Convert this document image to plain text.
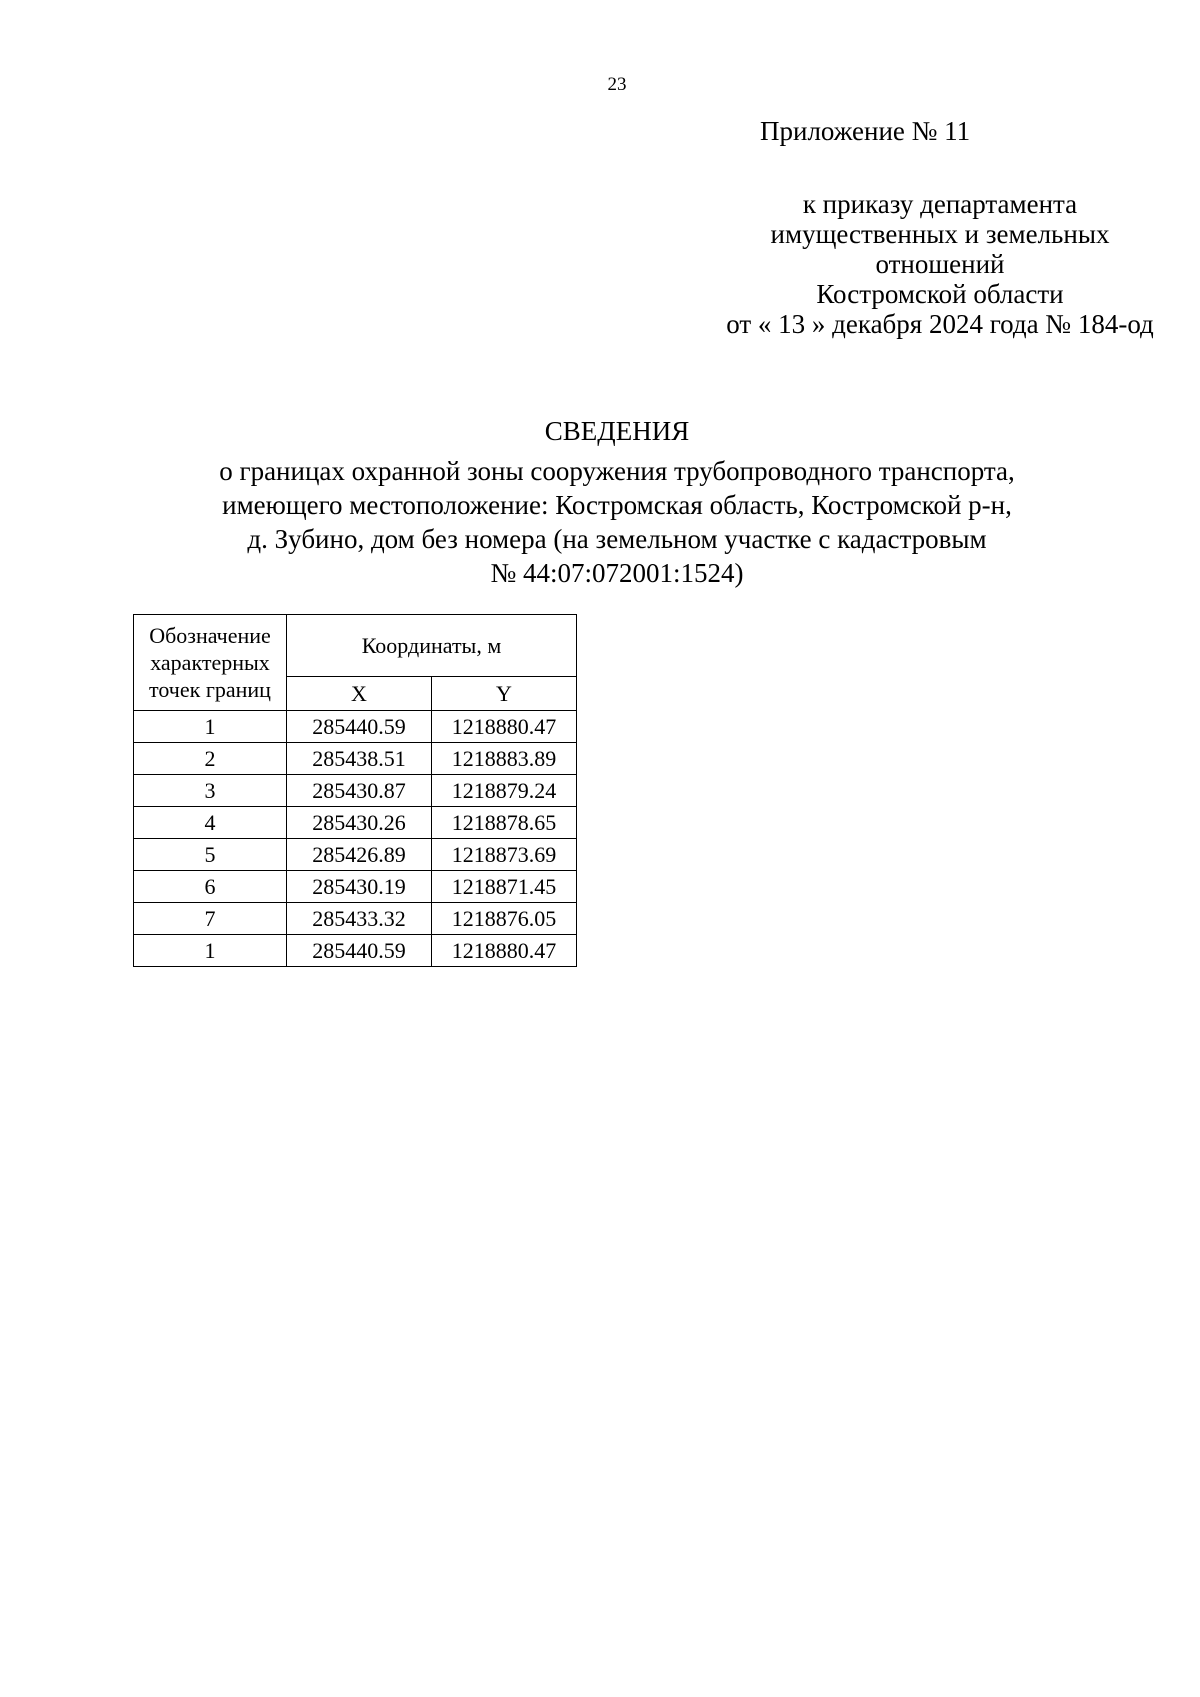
23
Приложение № 11
к приказу департамента
имущественных и земельных
отношений
Костромской области
от « 13 » декабря 2024 года № 184-од
СВЕДЕНИЯ
о границах охранной зоны сооружения трубопроводного транспорта,
имеющего местоположение: Костромская область, Костромской р-н,
д. Зубино, дом без номера (на земельном участке с кадастровым
№ 44:07:072001:1524)
Обозначение характерных точек границ	Координаты, м	
	X	Y
1	285440.59	1218880.47
2	285438.51	1218883.89
3	285430.87	1218879.24
4	285430.26	1218878.65
5	285426.89	1218873.69
6	285430.19	1218871.45
7	285433.32	1218876.05
1	285440.59	1218880.47
